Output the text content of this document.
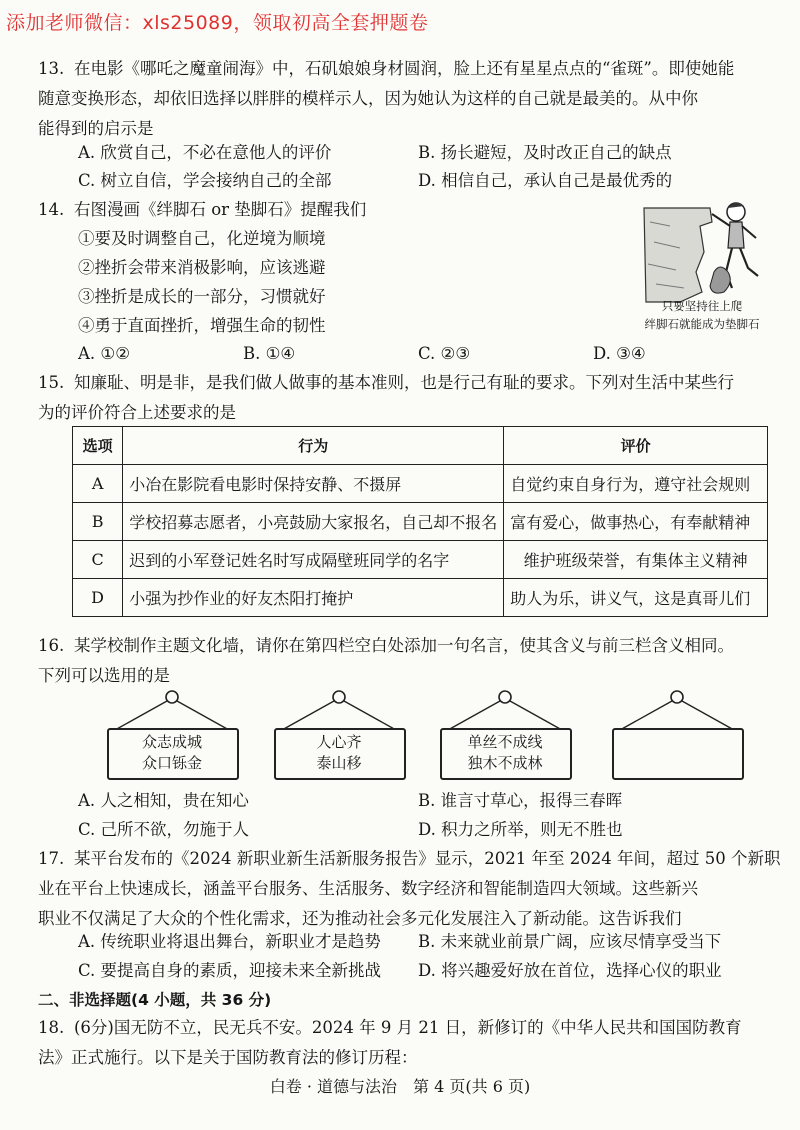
添加老师微信：xls25089，领取初高全套押题卷
13. 在电影《哪吒之魔童闹海》中，石矶娘娘身材圆润，脸上还有星星点点的“雀斑”。即使她能
随意变换形态，却依旧选择以胖胖的模样示人，因为她认为这样的自己就是最美的。从中你
能得到的启示是
A. 欣赏自己，不必在意他人的评价	B. 扬长避短，及时改正自己的缺点
C. 树立自信，学会接纳自己的全部	D. 相信自己，承认自己是最优秀的
14. 右图漫画《绊脚石 or 垫脚石》提醒我们
①要及时调整自己，化逆境为顺境
②挫折会带来消极影响，应该逃避
③挫折是成长的一部分，习惯就好
④勇于直面挫折，增强生命的韧性
只要坚持往上爬
绊脚石就能成为垫脚石
A. ①②	B. ①④	C. ②③	D. ③④
15. 知廉耻、明是非，是我们做人做事的基本准则，也是行己有耻的要求。下列对生活中某些行
为的评价符合上述要求的是
选项	行为	评价
A	小冶在影院看电影时保持安静、不摄屏	自觉约束自身行为，遵守社会规则
B	学校招募志愿者，小亮鼓励大家报名，自己却不报名	富有爱心，做事热心，有奉献精神
C	迟到的小军登记姓名时写成隔壁班同学的名字	维护班级荣誉，有集体主义精神
D	小强为抄作业的好友杰阳打掩护	助人为乐，讲义气，这是真哥儿们
16. 某学校制作主题文化墙，请你在第四栏空白处添加一句名言，使其含义与前三栏含义相同。
下列可以选用的是
众志成城
众口铄金
人心齐
泰山移
单丝不成线
独木不成林
A. 人之相知，贵在知心	B. 谁言寸草心，报得三春晖
C. 己所不欲，勿施于人	D. 积力之所举，则无不胜也
17. 某平台发布的《2024 新职业新生活新服务报告》显示，2021 年至 2024 年间，超过 50 个新职
业在平台上快速成长，涵盖平台服务、生活服务、数字经济和智能制造四大领域。这些新兴
职业不仅满足了大众的个性化需求，还为推动社会多元化发展注入了新动能。这告诉我们
A. 传统职业将退出舞台，新职业才是趋势 B. 未来就业前景广阔，应该尽情享受当下
C. 要提高自身的素质，迎接未来全新挑战 D. 将兴趣爱好放在首位，选择心仪的职业
二、非选择题(4 小题，共 36 分)
18. (6分)国无防不立，民无兵不安。2024 年 9 月 21 日，新修订的《中华人民共和国国防教育
法》正式施行。以下是关于国防教育法的修订历程：
白卷 · 道德与法治　第 4 页(共 6 页)
